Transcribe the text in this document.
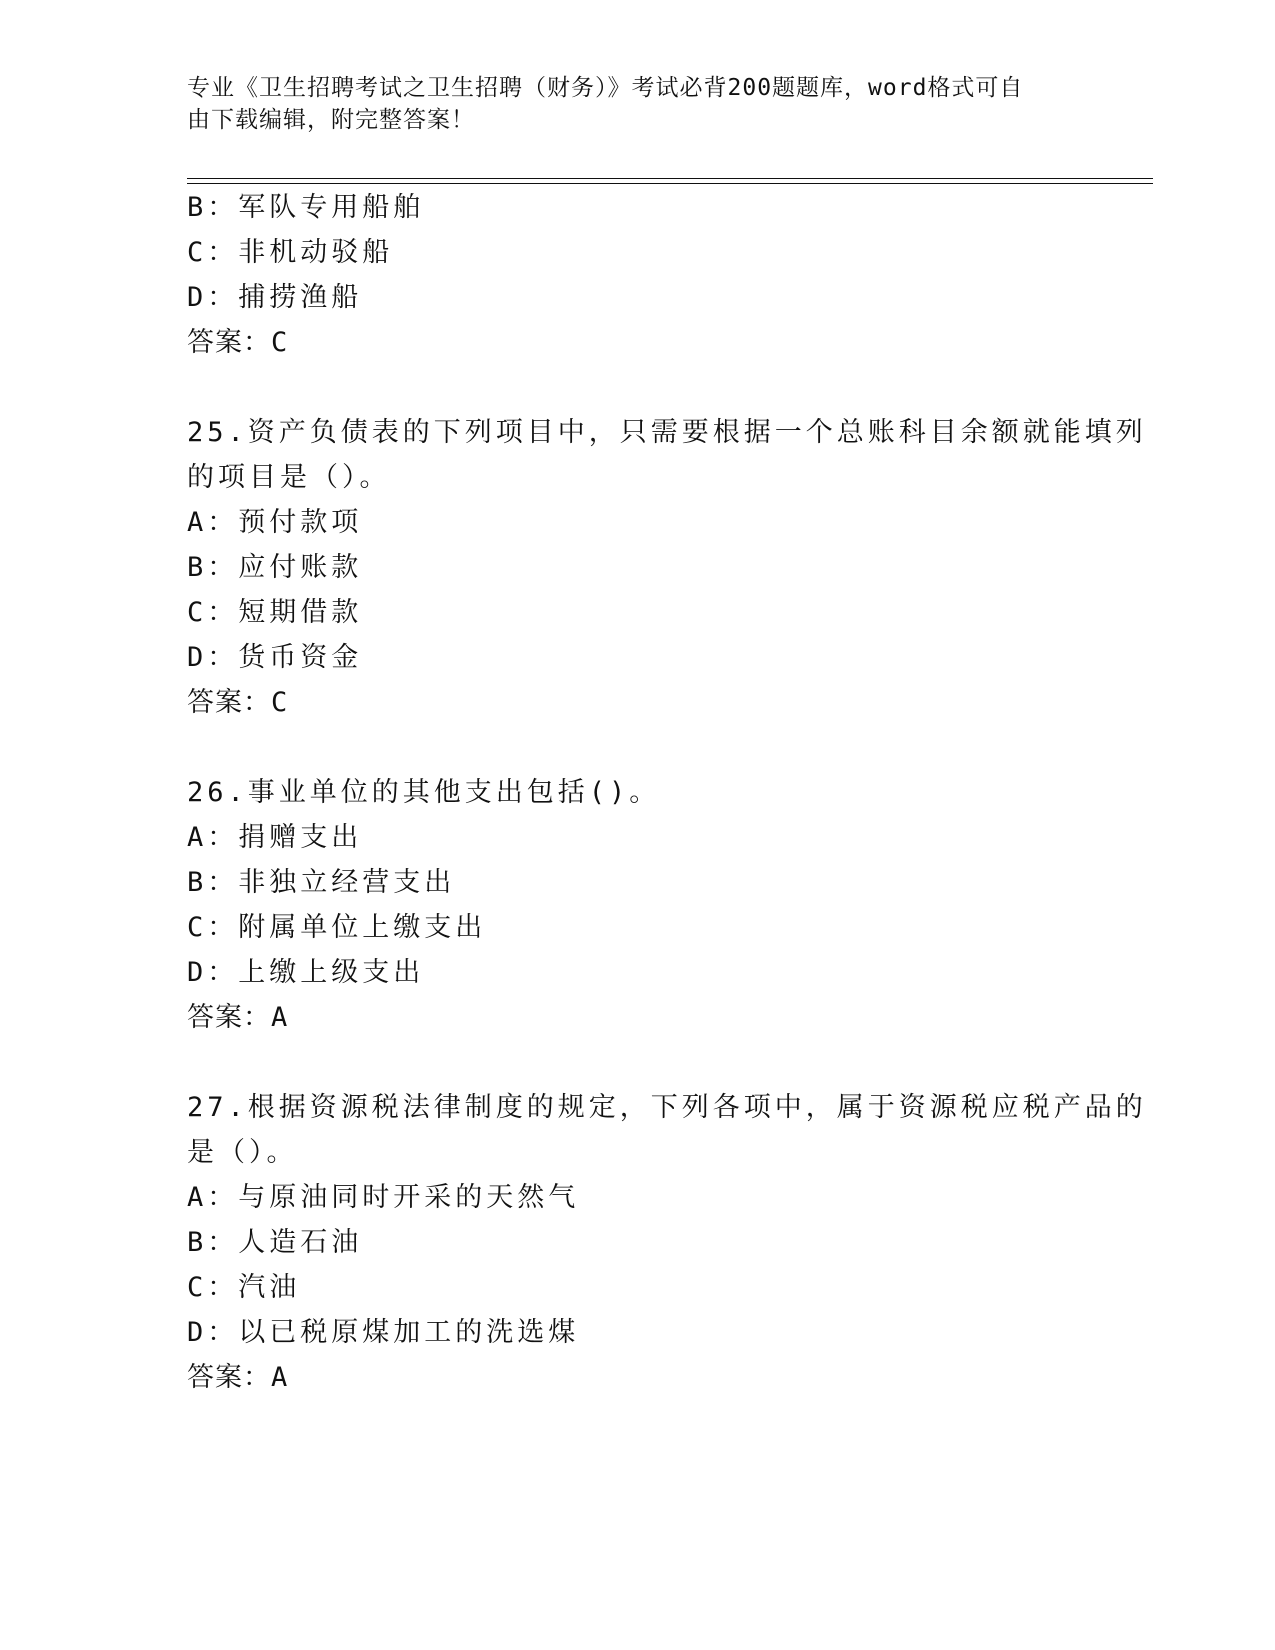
专业《卫生招聘考试之卫生招聘（财务）》考试必背200题题库，word格式可自
由下载编辑，附完整答案！
B：军队专用船舶
C：非机动驳船
D：捕捞渔船
答案：C
25.资产负债表的下列项目中，只需要根据一个总账科目余额就能填列
的项目是（）。
A：预付款项
B：应付账款
C：短期借款
D：货币资金
答案：C
26.事业单位的其他支出包括()。
A：捐赠支出
B：非独立经营支出
C：附属单位上缴支出
D：上缴上级支出
答案：A
27.根据资源税法律制度的规定，下列各项中，属于资源税应税产品的
是（）。
A：与原油同时开采的天然气
B：人造石油
C：汽油
D：以已税原煤加工的洗选煤
答案：A
